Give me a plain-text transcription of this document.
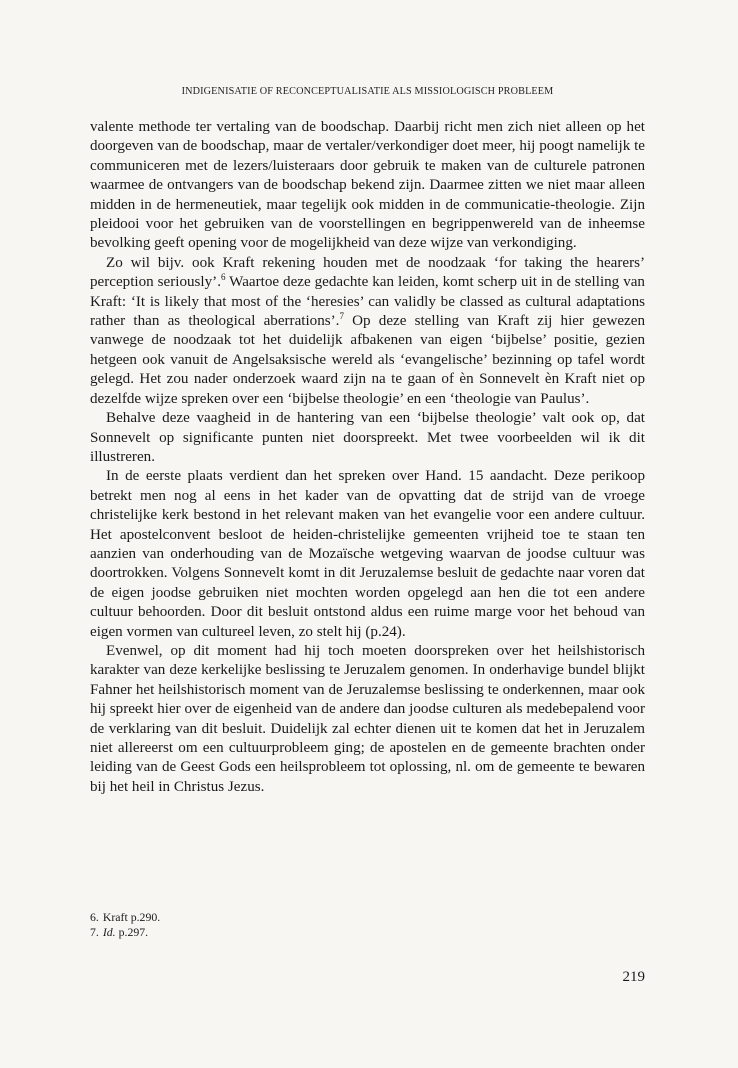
INDIGENISATIE OF RECONCEPTUALISATIE ALS MISSIOLOGISCH PROBLEEM

valente methode ter vertaling van de boodschap. Daarbij richt men zich niet alleen op het doorgeven van de boodschap, maar de vertaler/verkondiger doet meer, hij poogt namelijk te communiceren met de lezers/luisteraars door gebruik te maken van de culturele patronen waarmee de ontvangers van de boodschap bekend zijn. Daarmee zitten we niet maar alleen midden in de hermeneutiek, maar tegelijk ook midden in de communicatie-theologie. Zijn pleidooi voor het gebruiken van de voorstellingen en begrippenwereld van de inheemse bevolking geeft opening voor de mogelijkheid van deze wijze van verkondiging.

Zo wil bijv. ook Kraft rekening houden met de noodzaak ‘for taking the hearers’ perception seriously’.$^6$ Waartoe deze gedachte kan leiden, komt scherp uit in de stelling van Kraft: ‘It is likely that most of the ‘heresies’ can validly be classed as cultural adaptations rather than as theological aberrations’.$^7$ Op deze stelling van Kraft zij hier gewezen vanwege de noodzaak tot het duidelijk afbakenen van eigen ‘bijbelse’ positie, gezien hetgeen ook vanuit de Angelsaksische wereld als ‘evangelische’ bezinning op tafel wordt gelegd. Het zou nader onderzoek waard zijn na te gaan of èn Sonnevelt èn Kraft niet op dezelfde wijze spreken over een ‘bijbelse theologie’ en een ‘theologie van Paulus’.

Behalve deze vaagheid in de hantering van een ‘bijbelse theologie’ valt ook op, dat Sonnevelt op significante punten niet doorspreekt. Met twee voorbeelden wil ik dit illustreren.

In de eerste plaats verdient dan het spreken over Hand. 15 aandacht. Deze perikoop betrekt men nog al eens in het kader van de opvatting dat de strijd van de vroege christelijke kerk bestond in het relevant maken van het evangelie voor een andere cultuur. Het apostelconvent besloot de heiden-christelijke gemeenten vrijheid toe te staan ten aanzien van onderhouding van de Mozaïsche wetgeving waarvan de joodse cultuur was doortrokken. Volgens Sonnevelt komt in dit Jeruzalemse besluit de gedachte naar voren dat de eigen joodse gebruiken niet mochten worden opgelegd aan hen die tot een andere cultuur behoorden. Door dit besluit ontstond aldus een ruime marge voor het behoud van eigen vormen van cultureel leven, zo stelt hij (p.24).

Evenwel, op dit moment had hij toch moeten doorspreken over het heilshistorisch karakter van deze kerkelijke beslissing te Jeruzalem genomen. In onderhavige bundel blijkt Fahner het heilshistorisch moment van de Jeruzalemse beslissing te onderkennen, maar ook hij spreekt hier over de eigenheid van de andere dan joodse culturen als medebepalend voor de verklaring van dit besluit. Duidelijk zal echter dienen uit te komen dat het in Jeruzalem niet allereerst om een cultuurprobleem ging; de apostelen en de gemeente brachten onder leiding van de Geest Gods een heilsprobleem tot oplossing, nl. om de gemeente te bewaren bij het heil in Christus Jezus.

6. Kraft p.290.
7. Id. p.297.
219
